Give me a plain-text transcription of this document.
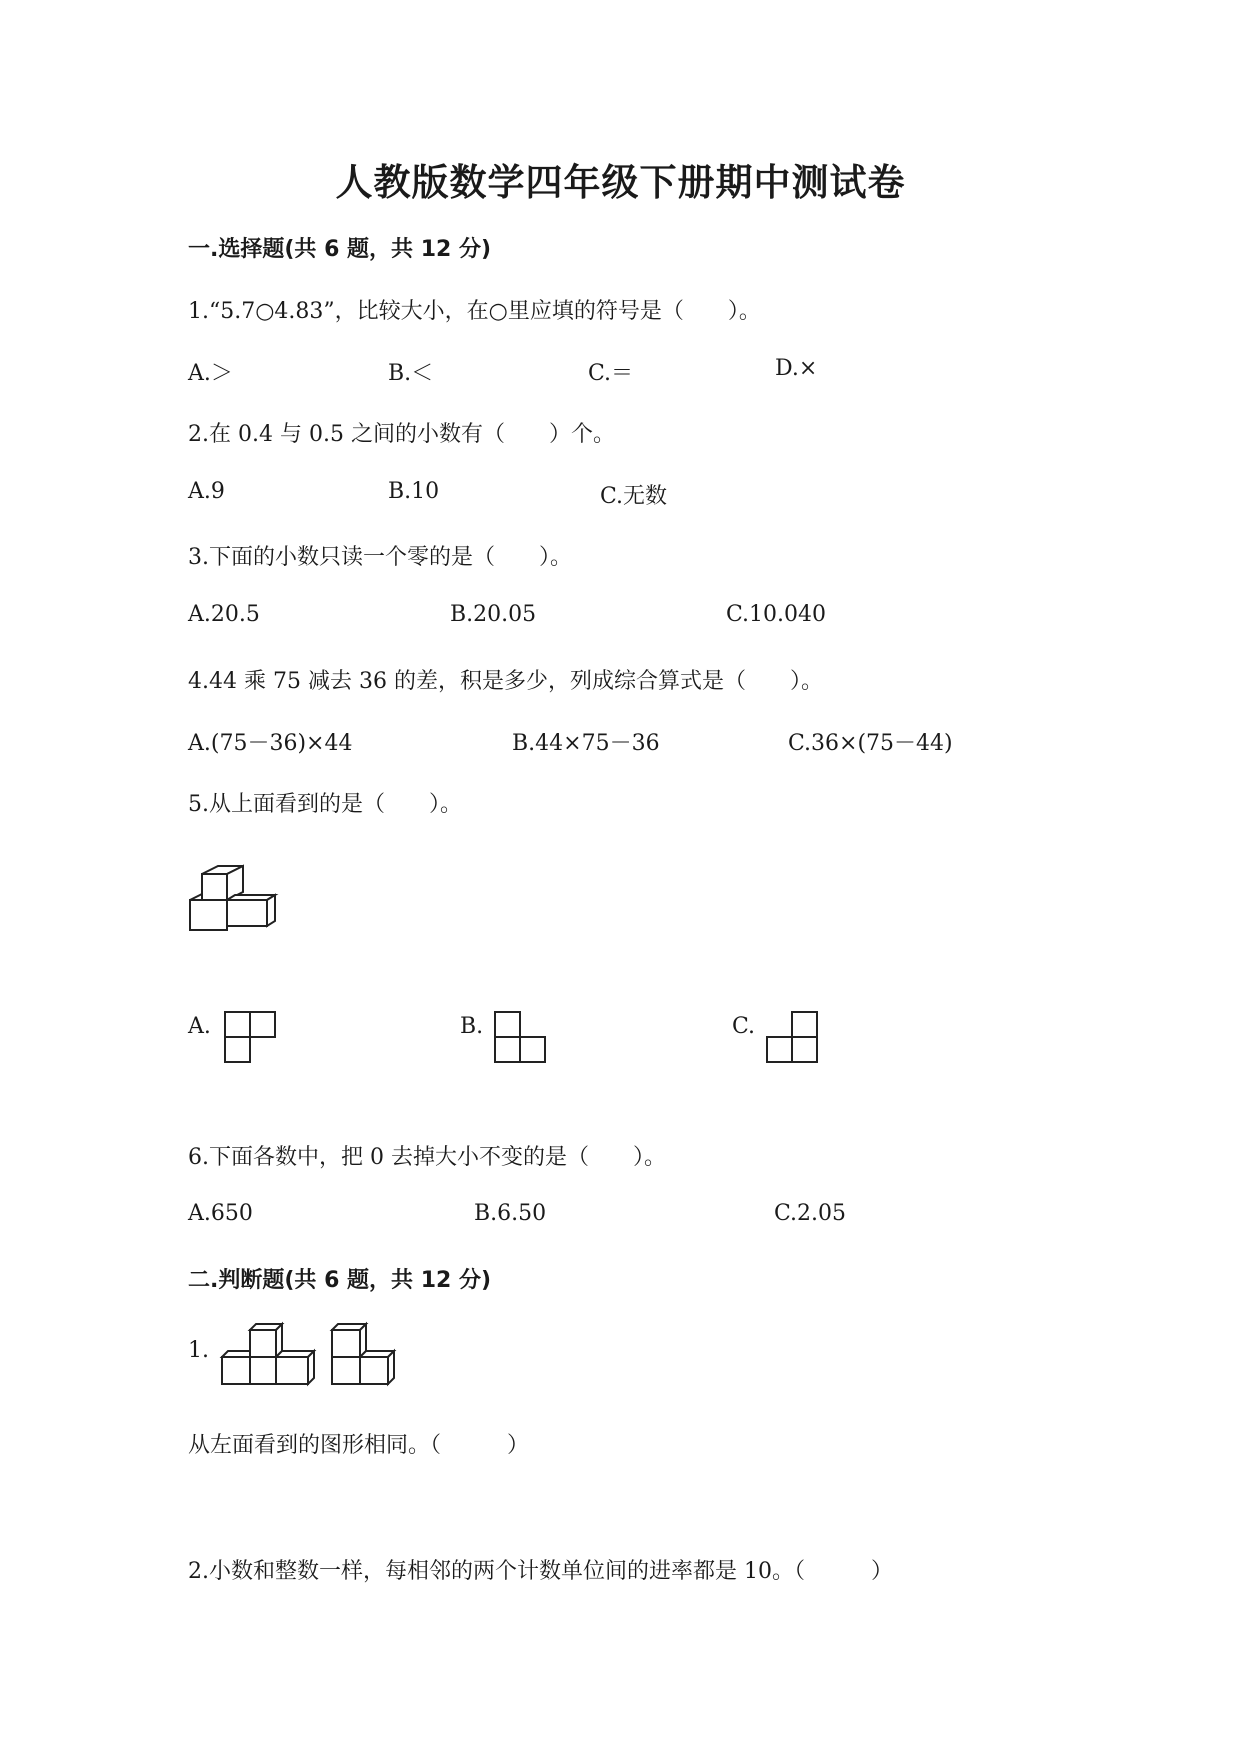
人教版数学四年级下册期中测试卷
一.选择题(共 6 题，共 12 分)
1.“5.7○4.83”，比较大小，在○里应填的符号是（　　）。
A.＞	B.＜	C.＝	D.×
2.在 0.4 与 0.5 之间的小数有（　　）个。
A.9	B.10	C.无数
3.下面的小数只读一个零的是（　　）。
A.20.5	B.20.05	C.10.040
4.44 乘 75 减去 36 的差，积是多少，列成综合算式是（　　）。
A.(75－36)×44	B.44×75－36	C.36×(75－44)
5.从上面看到的是（　　）。
A.	B.	C.
6.下面各数中，把 0 去掉大小不变的是（　　）。
A.650	B.6.50	C.2.05
二.判断题(共 6 题，共 12 分)
1.
从左面看到的图形相同。（　　　）
2.小数和整数一样，每相邻的两个计数单位间的进率都是 10。（　　　）
